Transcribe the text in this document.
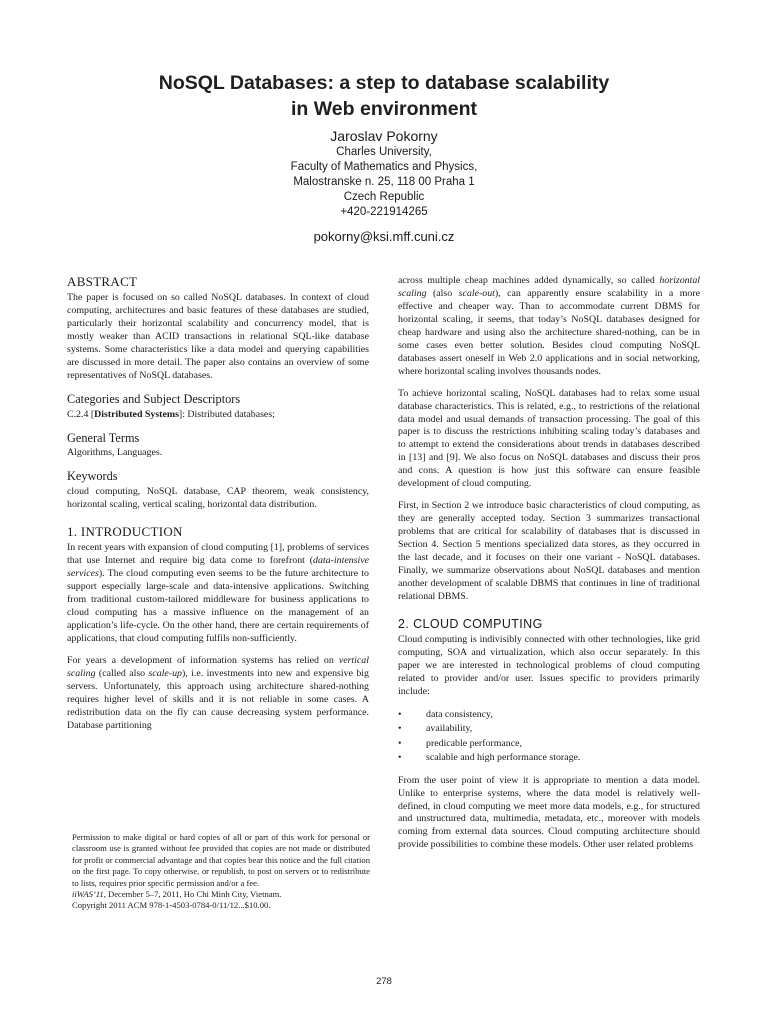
NoSQL Databases: a step to database scalability
in Web environment
Jaroslav Pokorny
Charles University,
Faculty of Mathematics and Physics,
Malostranske n. 25, 118 00 Praha 1
Czech Republic
+420-221914265
pokorny@ksi.mff.cuni.cz
ABSTRACT

The paper is focused on so called NoSQL databases. In context of cloud computing, architectures and basic features of these databases are studied, particularly their horizontal scalability and concurrency model, that is mostly weaker than ACID transactions in relational SQL-like database systems. Some characteristics like a data model and querying capabilities are discussed in more detail. The paper also contains an overview of some representatives of NoSQL databases.

Categories and Subject Descriptors

C.2.4 [Distributed Systems]: Distributed databases;

General Terms

Algorithms, Languages.

Keywords

cloud computing, NoSQL database, CAP theorem, weak consistency, horizontal scaling, vertical scaling, horizontal data distribution.

1. INTRODUCTION

In recent years with expansion of cloud computing [1], problems of services that use Internet and require big data come to forefront (data-intensive services). The cloud computing even seems to be the future architecture to support especially large-scale and data-intensive applications. Switching from traditional custom-tailored middleware for business applications to cloud computing has a massive influence on the management of an application’s life-cycle. On the other hand, there are certain requirements of applications, that cloud computing fulfils non-sufficiently.

For years a development of information systems has relied on vertical scaling (called also scale-up), i.e. investments into new and expensive big servers. Unfortunately, this approach using architecture shared-nothing requires higher level of skills and it is not reliable in some cases. A redistribution data on the fly can cause decreasing system performance. Database partitioning

Permission to make digital or hard copies of all or part of this work for personal or classroom use is granted without fee provided that copies are not made or distributed for profit or commercial advantage and that copies bear this notice and the full citation on the first page. To copy otherwise, or republish, to post on servers or to redistribute to lists, requires prior specific permission and/or a fee.

iiWAS’11, December 5–7, 2011, Ho Chi Minh City, Vietnam.

Copyright 2011 ACM 978-1-4503-0784-0/11/12...$10.00.

across multiple cheap machines added dynamically, so called horizontal scaling (also scale-out), can apparently ensure scalability in a more effective and cheaper way. Than to accommodate current DBMS for horizontal scaling, it seems, that today’s NoSQL databases designed for cheap hardware and using also the architecture shared-nothing, can be in some cases even better solution. Besides cloud computing NoSQL databases assert oneself in Web 2.0 applications and in social networking, where horizontal scaling involves thousands nodes.

To achieve horizontal scaling, NoSQL databases had to relax some usual database characteristics. This is related, e.g., to restrictions of the relational data model and usual demands of transaction processing. The goal of this paper is to discuss the restrictions inhibiting scaling today’s databases and to attempt to extend the considerations about trends in databases described in [13] and [9]. We also focus on NoSQL databases and discuss their pros and cons. A question is how just this software can ensure feasible development of cloud computing.

First, in Section 2 we introduce basic characteristics of cloud computing, as they are generally accepted today. Section 3 summarizes transactional problems that are critical for scalability of databases that is discussed in Section 4. Section 5 mentions specialized data stores, as they occurred in the last decade, and it focuses on their one variant - NoSQL databases. Finally, we summarize observations about NoSQL databases and mention another development of scalable DBMS that continues in line of traditional relational DBMS.

2. CLOUD COMPUTING

Cloud computing is indivisibly connected with other technologies, like grid computing, SOA and virtualization, which also occur separately. In this paper we are interested in technological problems of cloud computing related to provider and/or user. Issues specific to providers primarily include:

• data consistency,
• availability,
• predicable performance,
• scalable and high performance storage.

From the user point of view it is appropriate to mention a data model. Unlike to enterprise systems, where the data model is relatively well-defined, in cloud computing we meet more data models, e.g., for structured and unstructured data, multimedia, metadata, etc., moreover with models coming from external data sources. Cloud computing architecture should provide possibilities to combine these models. Other user related problems

278
